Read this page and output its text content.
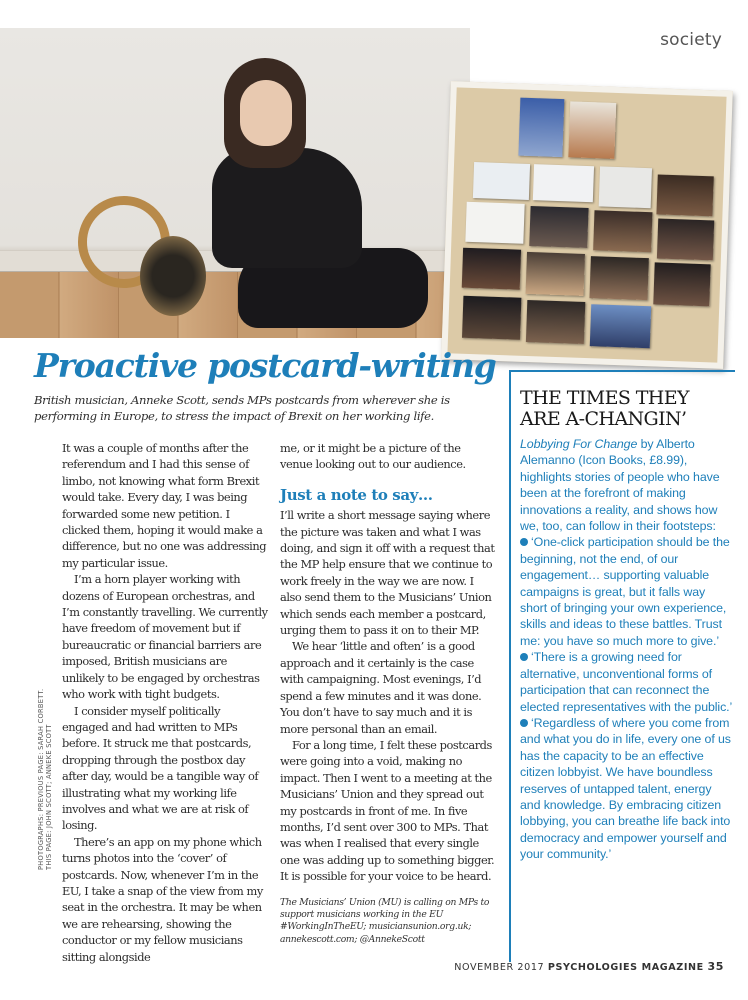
society
Proactive postcard-writing
British musician, Anneke Scott, sends MPs postcards from wherever she is performing in Europe, to stress the impact of Brexit on her working life.

It was a couple of months after the referendum and I had this sense of limbo, not knowing what form Brexit would take. Every day, I was being forwarded some new petition. I clicked them, hoping it would make a difference, but no one was addressing my particular issue.

I’m a horn player working with dozens of European orchestras, and I’m constantly travelling. We currently have freedom of movement but if bureaucratic or financial barriers are imposed, British musicians are unlikely to be engaged by orchestras who work with tight budgets.

I consider myself politically engaged and had written to MPs before. It struck me that postcards, dropping through the postbox day after day, would be a tangible way of illustrating what my working life involves and what we are at risk of losing.

There’s an app on my phone which turns photos into the ‘cover’ of postcards. Now, whenever I’m in the EU, I take a snap of the view from my seat in the orchestra. It may be when we are rehearsing, showing the conductor or my fellow musicians sitting alongside

me, or it might be a picture of the venue looking out to our audience.

Just a note to say…

I’ll write a short message saying where the picture was taken and what I was doing, and sign it off with a request that the MP help ensure that we continue to work freely in the way we are now. I also send them to the Musicians’ Union which sends each member a postcard, urging them to pass it on to their MP.

We hear ‘little and often’ is a good approach and it certainly is the case with campaigning. Most evenings, I’d spend a few minutes and it was done. You don’t have to say much and it is more personal than an email.

For a long time, I felt these postcards were going into a void, making no impact. Then I went to a meeting at the Musicians’ Union and they spread out my postcards in front of me. In five months, I’d sent over 300 to MPs. That was when I realised that every single one was adding up to something bigger. It is possible for your voice to be heard.

The Musicians’ Union (MU) is calling on MPs to support musicians working in the EU #WorkingInTheEU; musiciansunion.org.uk; annekescott.com; @AnnekeScott
PHOTOGRAPHS: PREVIOUS PAGE: SARAH CORBETT. THIS PAGE: JOHN SCOTT; ANNEKE SCOTT
THE TIMES THEY ARE A-CHANGIN’
Lobbying For Change by Alberto Alemanno (Icon Books, £8.99), highlights stories of people who have been at the forefront of making innovations a reality, and shows how we, too, can follow in their footsteps:
‘One-click participation should be the beginning, not the end, of our engagement… supporting valuable campaigns is great, but it falls way short of bringing your own experience, skills and ideas to these battles. Trust me: you have so much more to give.’
‘There is a growing need for alternative, unconventional forms of participation that can reconnect the elected representatives with the public.’
‘Regardless of where you come from and what you do in life, every one of us has the capacity to be an effective citizen lobbyist. We have boundless reserves of untapped talent, energy and knowledge. By embracing citizen lobbying, you can breathe life back into democracy and empower yourself and your community.’
NOVEMBER 2017 PSYCHOLOGIES MAGAZINE 35
